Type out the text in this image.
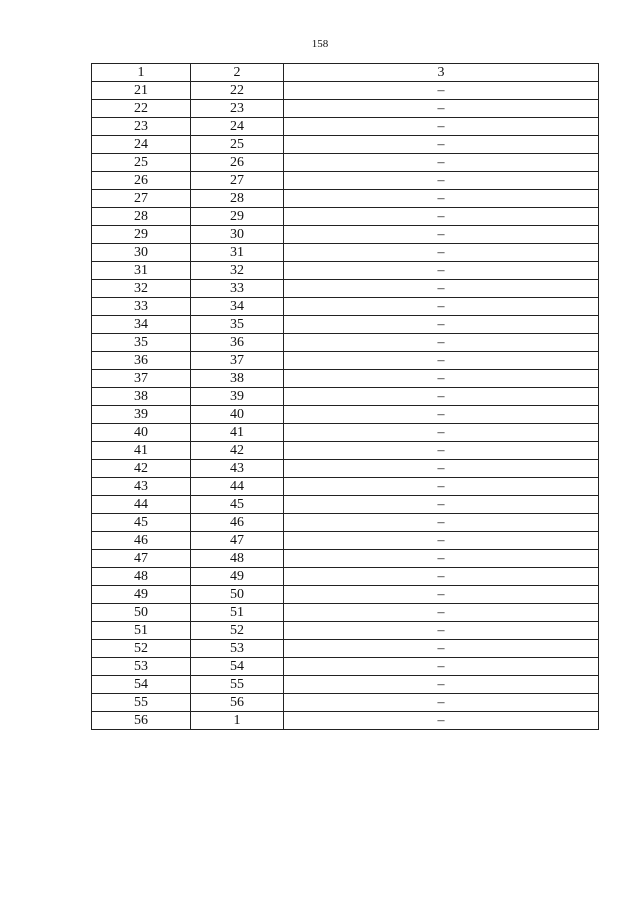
158
1	2	3
21	22	–
22	23	–
23	24	–
24	25	–
25	26	–
26	27	–
27	28	–
28	29	–
29	30	–
30	31	–
31	32	–
32	33	–
33	34	–
34	35	–
35	36	–
36	37	–
37	38	–
38	39	–
39	40	–
40	41	–
41	42	–
42	43	–
43	44	–
44	45	–
45	46	–
46	47	–
47	48	–
48	49	–
49	50	–
50	51	–
51	52	–
52	53	–
53	54	–
54	55	–
55	56	–
56	1	–
